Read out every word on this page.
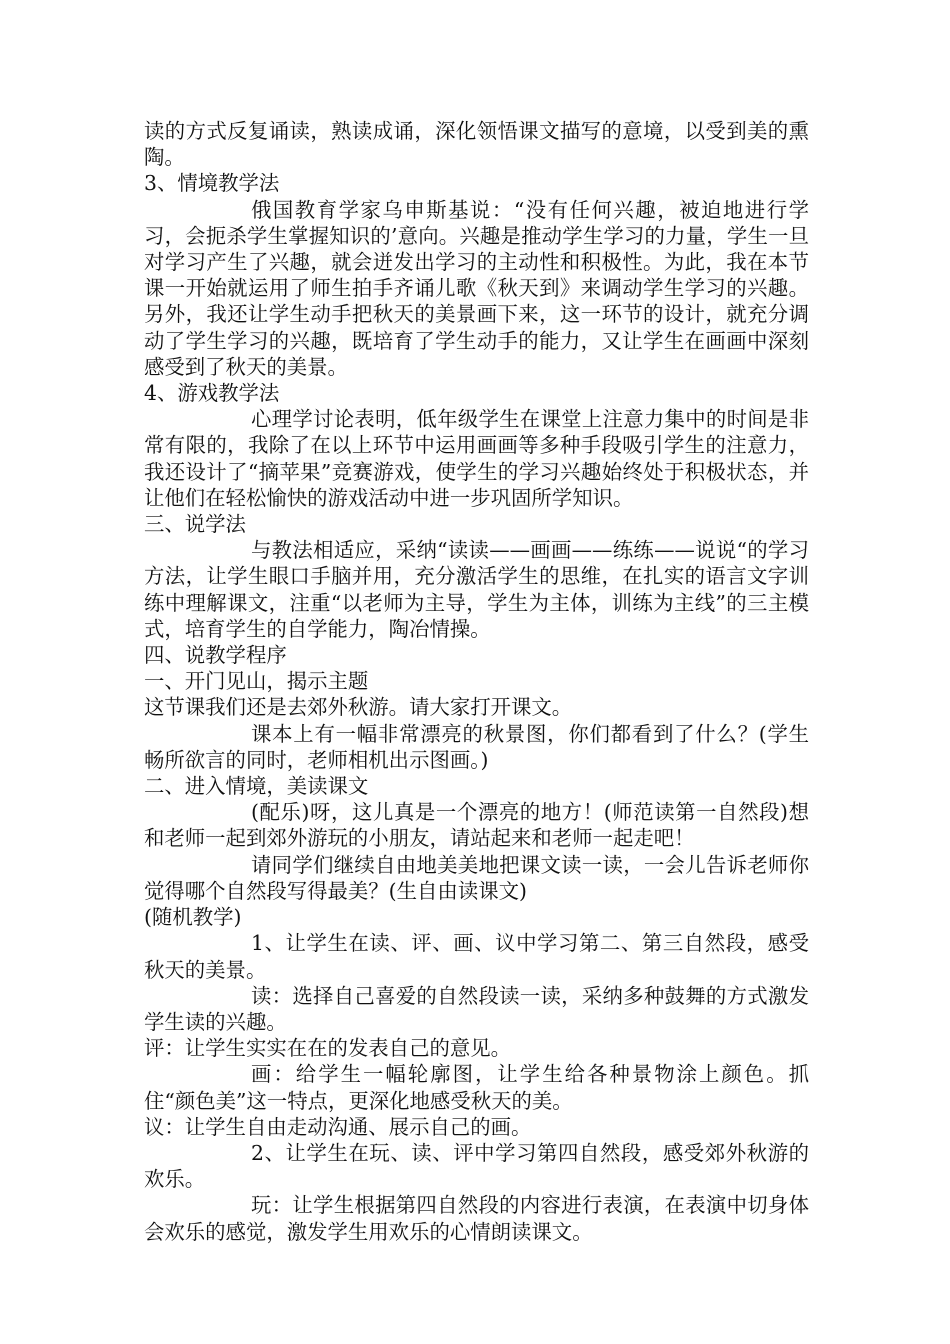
读的方式反复诵读，熟读成诵，深化领悟课文描写的意境，以受到美的熏陶。

3、情境教学法

俄国教育学家乌申斯基说：“没有任何兴趣，被迫地进行学习，会扼杀学生掌握知识的’意向。兴趣是推动学生学习的力量，学生一旦对学习产生了兴趣，就会迸发出学习的主动性和积极性。为此，我在本节课一开始就运用了师生拍手齐诵儿歌《秋天到》来调动学生学习的兴趣。另外，我还让学生动手把秋天的美景画下来，这一环节的设计，就充分调动了学生学习的兴趣，既培育了学生动手的能力，又让学生在画画中深刻感受到了秋天的美景。

4、游戏教学法

心理学讨论表明，低年级学生在课堂上注意力集中的时间是非常有限的，我除了在以上环节中运用画画等多种手段吸引学生的注意力，我还设计了“摘苹果”竞赛游戏，使学生的学习兴趣始终处于积极状态，并让他们在轻松愉快的游戏活动中进一步巩固所学知识。

三、说学法

与教法相适应，采纳“读读——画画——练练——说说“的学习方法，让学生眼口手脑并用，充分激活学生的思维，在扎实的语言文字训练中理解课文，注重“以老师为主导，学生为主体，训练为主线”的三主模式，培育学生的自学能力，陶冶情操。

四、说教学程序

一、开门见山，揭示主题

这节课我们还是去郊外秋游。请大家打开课文。

课本上有一幅非常漂亮的秋景图，你们都看到了什么？(学生畅所欲言的同时，老师相机出示图画。)

二、进入情境，美读课文

(配乐)呀，这儿真是一个漂亮的地方！(师范读第一自然段)想和老师一起到郊外游玩的小朋友，请站起来和老师一起走吧！

请同学们继续自由地美美地把课文读一读，一会儿告诉老师你觉得哪个自然段写得最美？(生自由读课文)

(随机教学)

1、让学生在读、评、画、议中学习第二、第三自然段，感受秋天的美景。

读：选择自己喜爱的自然段读一读，采纳多种鼓舞的方式激发学生读的兴趣。

评：让学生实实在在的发表自己的意见。

画：给学生一幅轮廓图，让学生给各种景物涂上颜色。抓住“颜色美”这一特点，更深化地感受秋天的美。

议：让学生自由走动沟通、展示自己的画。

2、让学生在玩、读、评中学习第四自然段，感受郊外秋游的欢乐。

玩：让学生根据第四自然段的内容进行表演，在表演中切身体会欢乐的感觉，激发学生用欢乐的心情朗读课文。
